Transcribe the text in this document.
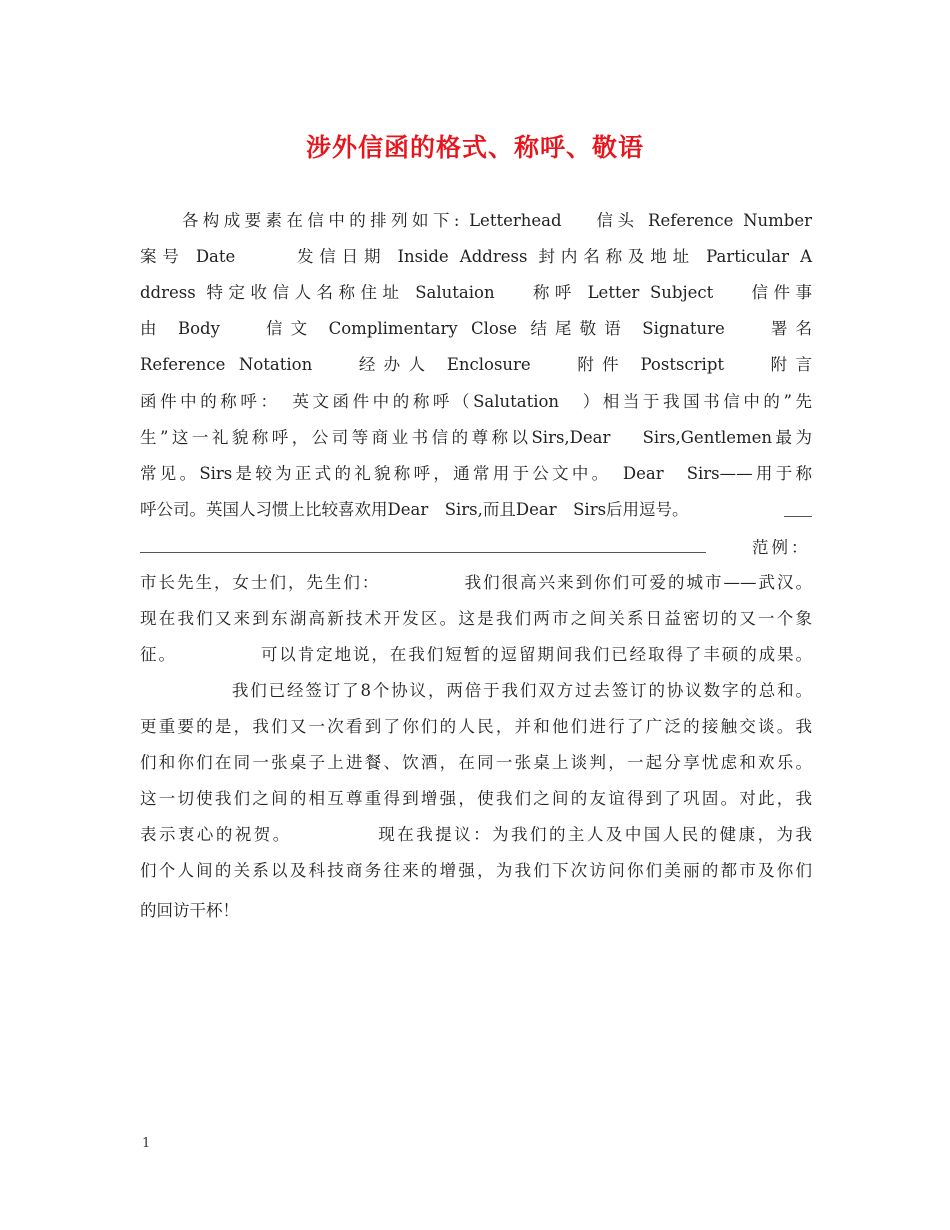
涉外信函的格式、称呼、敬语
　　各构成要素在信中的排列如下: Letterhead　 信头 Reference Number
案号 Date　　 发信日期 Inside Address 封内名称及地址 Particular A
ddress 特定收信人名称住址 Salutaion　 称呼 Letter Subject　 信件事
由 Body　 信文 Complimentary Close 结尾敬语 Signature　 署名
Reference Notation　 经办人 Enclosure　 附件 Postscript　 附言
函件中的称呼：　英文函件中的称呼（Salutation　）相当于我国书信中的”先
生”这一礼貌称呼，公司等商业书信的尊称以Sirs,Dear　 Sirs,Gentlemen最为
常见。Sirs是较为正式的礼貌称呼，通常用于公文中。　Dear　Sirs——用于称
呼公司。英国人习惯上比较喜欢用Dear　Sirs,而且Dear　Sirs后用逗号。
范例：
市长先生，女士们，先生们：　　　　　我们很高兴来到你们可爱的城市——武汉。
现在我们又来到东湖高新技术开发区。这是我们两市之间关系日益密切的又一个象
征。　　　　　可以肯定地说，在我们短暂的逗留期间我们已经取得了丰硕的成果。
　　　　　我们已经签订了8个协议，两倍于我们双方过去签订的协议数字的总和。
更重要的是，我们又一次看到了你们的人民，并和他们进行了广泛的接触交谈。我
们和你们在同一张桌子上进餐、饮酒，在同一张桌上谈判，一起分享忧虑和欢乐。
这一切使我们之间的相互尊重得到增强，使我们之间的友谊得到了巩固。对此，我
表示衷心的祝贺。　　　　　现在我提议：为我们的主人及中国人民的健康，为我
们个人间的关系以及科技商务往来的增强，为我们下次访问你们美丽的都市及你们
的回访干杯！
1
